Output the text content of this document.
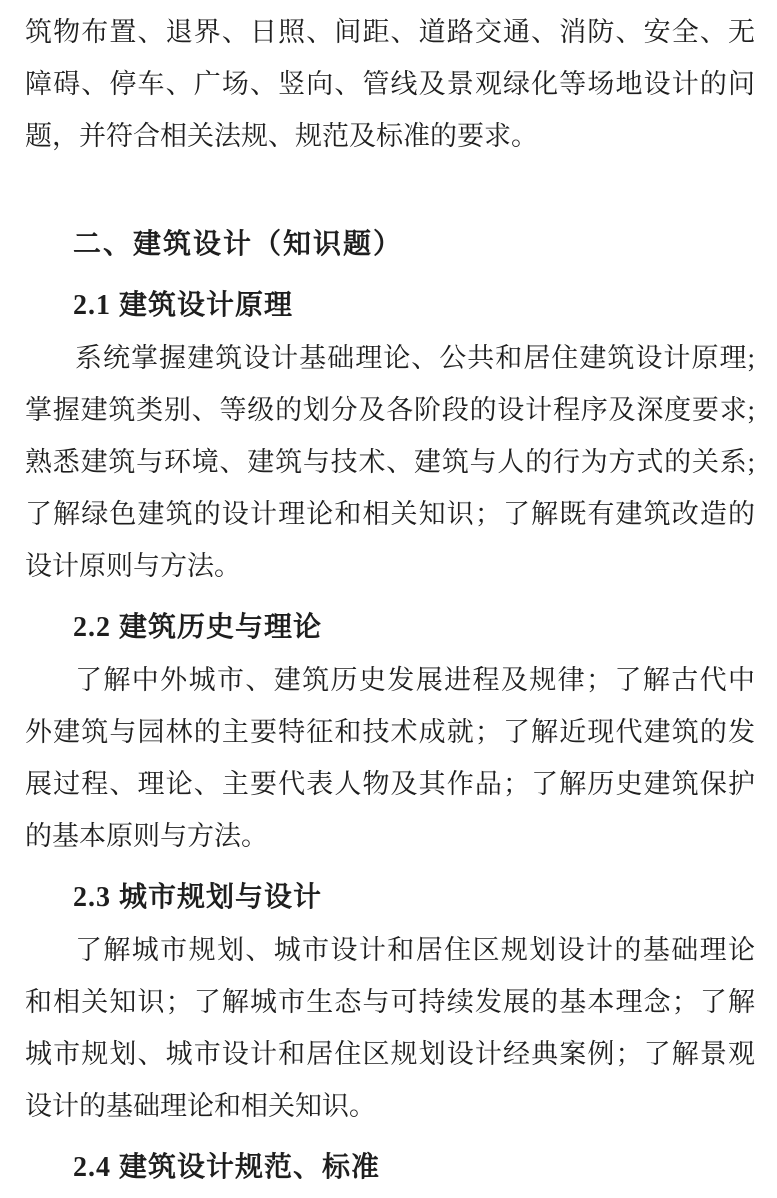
筑物布置、退界、日照、间距、道路交通、消防、安全、无

障碍、停车、广场、竖向、管线及景观绿化等场地设计的问

题，并符合相关法规、规范及标准的要求。

二、建筑设计（知识题）
2.1 建筑设计原理

系统掌握建筑设计基础理论、公共和居住建筑设计原理;

掌握建筑类别、等级的划分及各阶段的设计程序及深度要求;

熟悉建筑与环境、建筑与技术、建筑与人的行为方式的关系;

了解绿色建筑的设计理论和相关知识；了解既有建筑改造的

设计原则与方法。

2.2 建筑历史与理论

了解中外城市、建筑历史发展进程及规律；了解古代中

外建筑与园林的主要特征和技术成就；了解近现代建筑的发

展过程、理论、主要代表人物及其作品；了解历史建筑保护

的基本原则与方法。

2.3 城市规划与设计

了解城市规划、城市设计和居住区规划设计的基础理论

和相关知识；了解城市生态与可持续发展的基本理念；了解

城市规划、城市设计和居住区规划设计经典案例；了解景观

设计的基础理论和相关知识。

2.4 建筑设计规范、标准
